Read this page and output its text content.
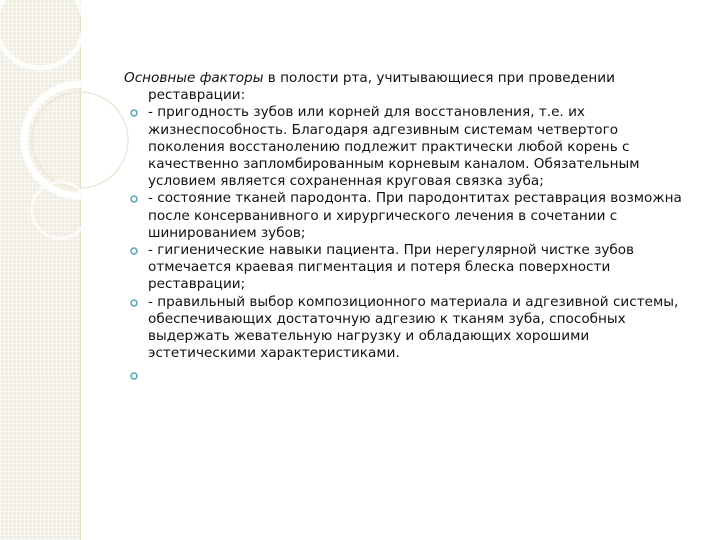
Основные факторы в полости рта, учитывающиеся при проведении
реставрации:

- пригодность зубов или корней для восстановления, т.е. их жизнеспособность. Благодаря адгезивным системам четвертого поколения восстанолению подлежит практически любой корень с качественно запломбированным корневым каналом. Обязательным условием является сохраненная круговая связка зуба;
- состояние тканей пародонта. При пародонтитах реставрация возможна после консерванивного и хирургического лечения в сочетании с шинированием зубов;
- гигиенические навыки пациента. При нерегулярной чистке зубов отмечается краевая пигментация и потеря блеска поверхности реставрации;
- правильный выбор композиционного материала и адгезивной системы, обеспечивающих достаточную адгезию к тканям зуба, способных выдержать жевательную нагрузку и обладающих хорошими эстетическими характеристиками.
